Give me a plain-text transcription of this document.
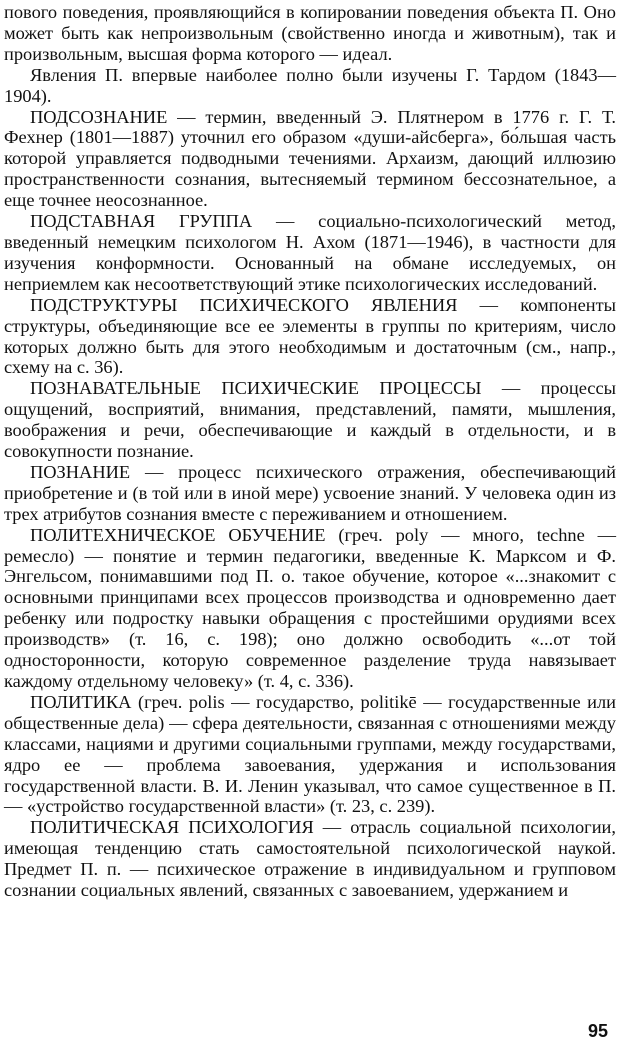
пового поведения, проявляющийся в копировании поведения объекта П. Оно может быть как непроизвольным (свойственно иногда и животным), так и произвольным, высшая форма которого — идеал.

Явления П. впервые наиболее полно были изучены Г. Тардом (1843—1904).

ПОДСОЗНАНИЕ — термин, введенный Э. Плятнером в 1776 г. Г. Т. Фехнер (1801—1887) уточнил его образом «души-айсберга», бо́льшая часть которой управляется подводными течениями. Архаизм, дающий иллюзию пространственности сознания, вытесняемый термином бессознательное, а еще точнее неосознанное.

ПОДСТАВНАЯ ГРУППА — социально-психологический метод, введенный немецким психологом Н. Ахом (1871—1946), в частности для изучения конформности. Основанный на обмане исследуемых, он неприемлем как несоответствующий этике психологических исследований.

ПОДСТРУКТУРЫ ПСИХИЧЕСКОГО ЯВЛЕНИЯ — компоненты структуры, объединяющие все ее элементы в группы по критериям, число которых должно быть для этого необходимым и достаточным (см., напр., схему на с. 36).

ПОЗНАВАТЕЛЬНЫЕ ПСИХИЧЕСКИЕ ПРОЦЕССЫ — процессы ощущений, восприятий, внимания, представлений, памяти, мышления, воображения и речи, обеспечивающие и каждый в отдельности, и в совокупности познание.

ПОЗНАНИЕ — процесс психического отражения, обеспечивающий приобретение и (в той или в иной мере) усвоение знаний. У человека один из трех атрибутов сознания вместе с переживанием и отношением.

ПОЛИТЕХНИЧЕСКОЕ ОБУЧЕНИЕ (греч. poly — много, techne — ремесло) — понятие и термин педагогики, введенные К. Марксом и Ф. Энгельсом, понимавшими под П. о. такое обучение, которое «...знакомит с основными принципами всех процессов производства и одновременно дает ребенку или подростку навыки обращения с простейшими орудиями всех производств» (т. 16, с. 198); оно должно освободить «...от той односторонности, которую современное разделение труда навязывает каждому отдельному человеку» (т. 4, с. 336).

ПОЛИТИКА (греч. polis — государство, politikē — государственные или общественные дела) — сфера деятельности, связанная с отношениями между классами, нациями и другими социальными группами, между государствами, ядро ее — проблема завоевания, удержания и использования государственной власти. В. И. Ленин указывал, что самое существенное в П. — «устройство государственной власти» (т. 23, с. 239).

ПОЛИТИЧЕСКАЯ ПСИХОЛОГИЯ — отрасль социальной психологии, имеющая тенденцию стать самостоятельной психологической наукой. Предмет П. п. — психическое отражение в индивидуальном и групповом сознании социальных явлений, связанных с завоеванием, удержанием и

95
